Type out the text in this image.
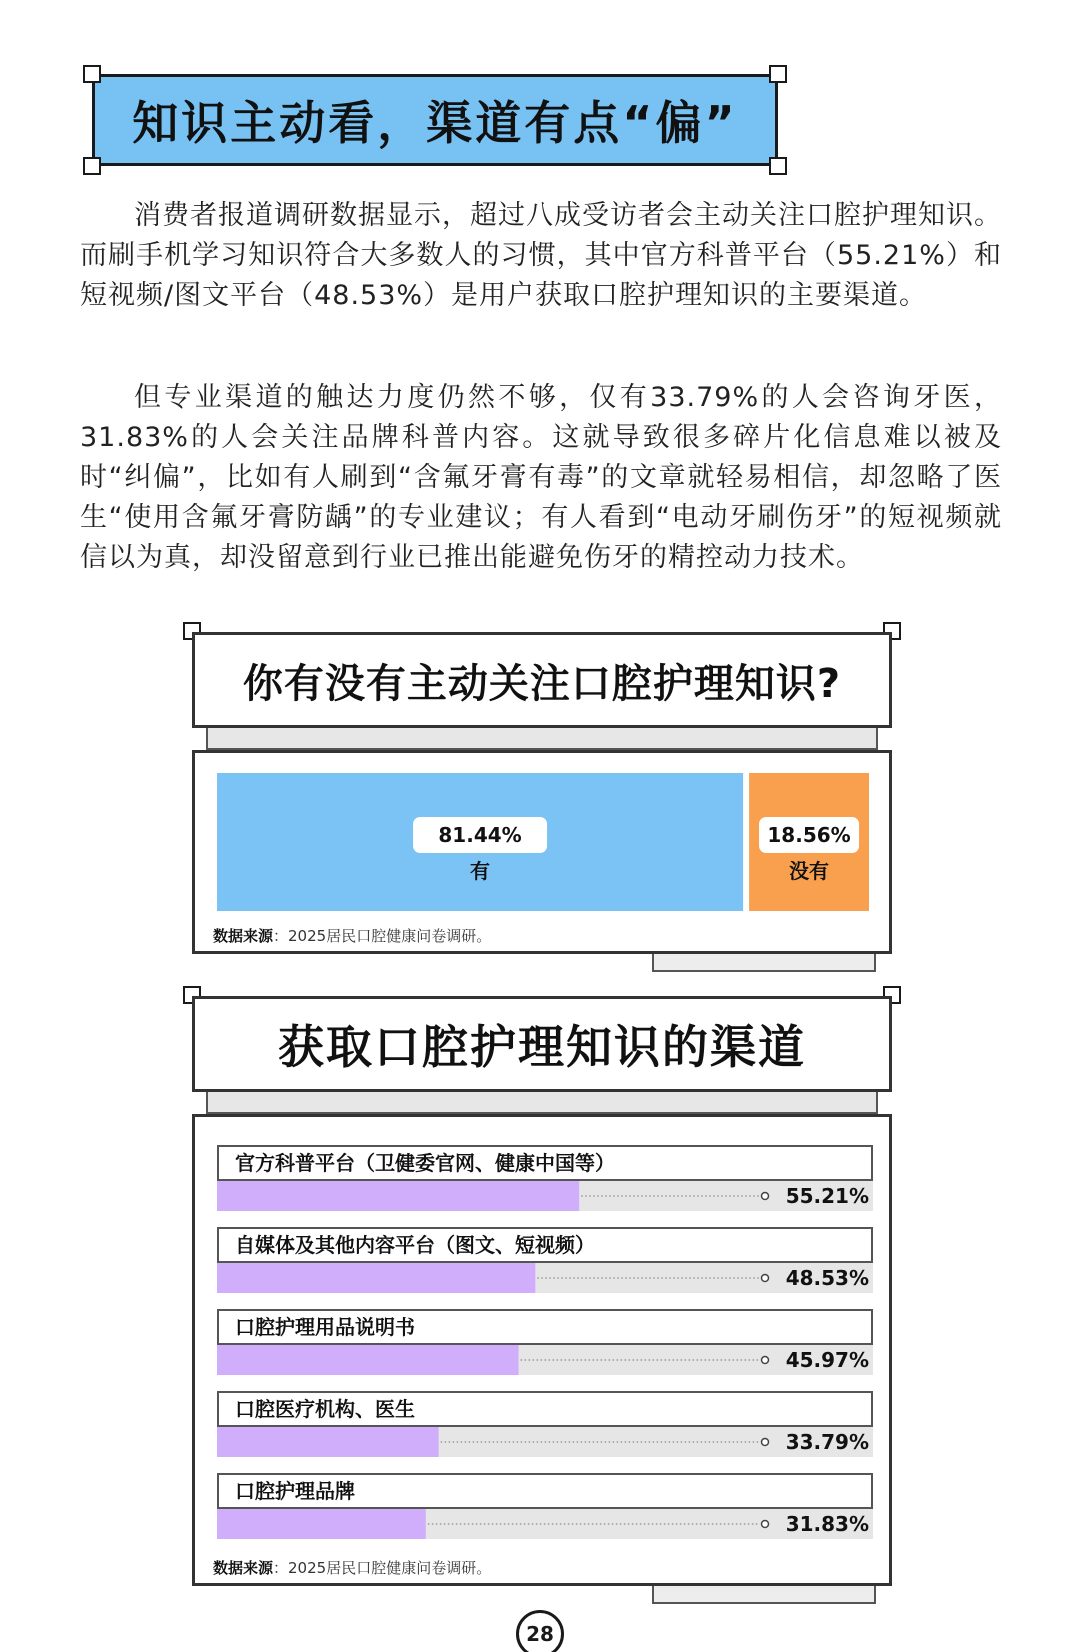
知识主动看，渠道有点“偏”

消费者报道调研数据显示，超过八成受访者会主动关注口腔护理知识。而刷手机学习知识符合大多数人的习惯，其中官方科普平台（55.21%）和短视频/图文平台（48.53%）是用户获取口腔护理知识的主要渠道。

但专业渠道的触达力度仍然不够，仅有33.79%的人会咨询牙医，31.83%的人会关注品牌科普内容。这就导致很多碎片化信息难以被及时“纠偏”，比如有人刷到“含氟牙膏有毒”的文章就轻易相信，却忽略了医生“使用含氟牙膏防龋”的专业建议；有人看到“电动牙刷伤牙”的短视频就信以为真，却没留意到行业已推出能避免伤牙的精控动力技术。

你有没有主动关注口腔护理知识?
81.44%
有
18.56%
没有
数据来源：2025居民口腔健康问卷调研。
获取口腔护理知识的渠道
官方科普平台（卫健委官网、健康中国等）
55.21%
自媒体及其他内容平台（图文、短视频）
48.53%
口腔护理用品说明书
45.97%
口腔医疗机构、医生
33.79%
口腔护理品牌
31.83%
数据来源：2025居民口腔健康问卷调研。
28
